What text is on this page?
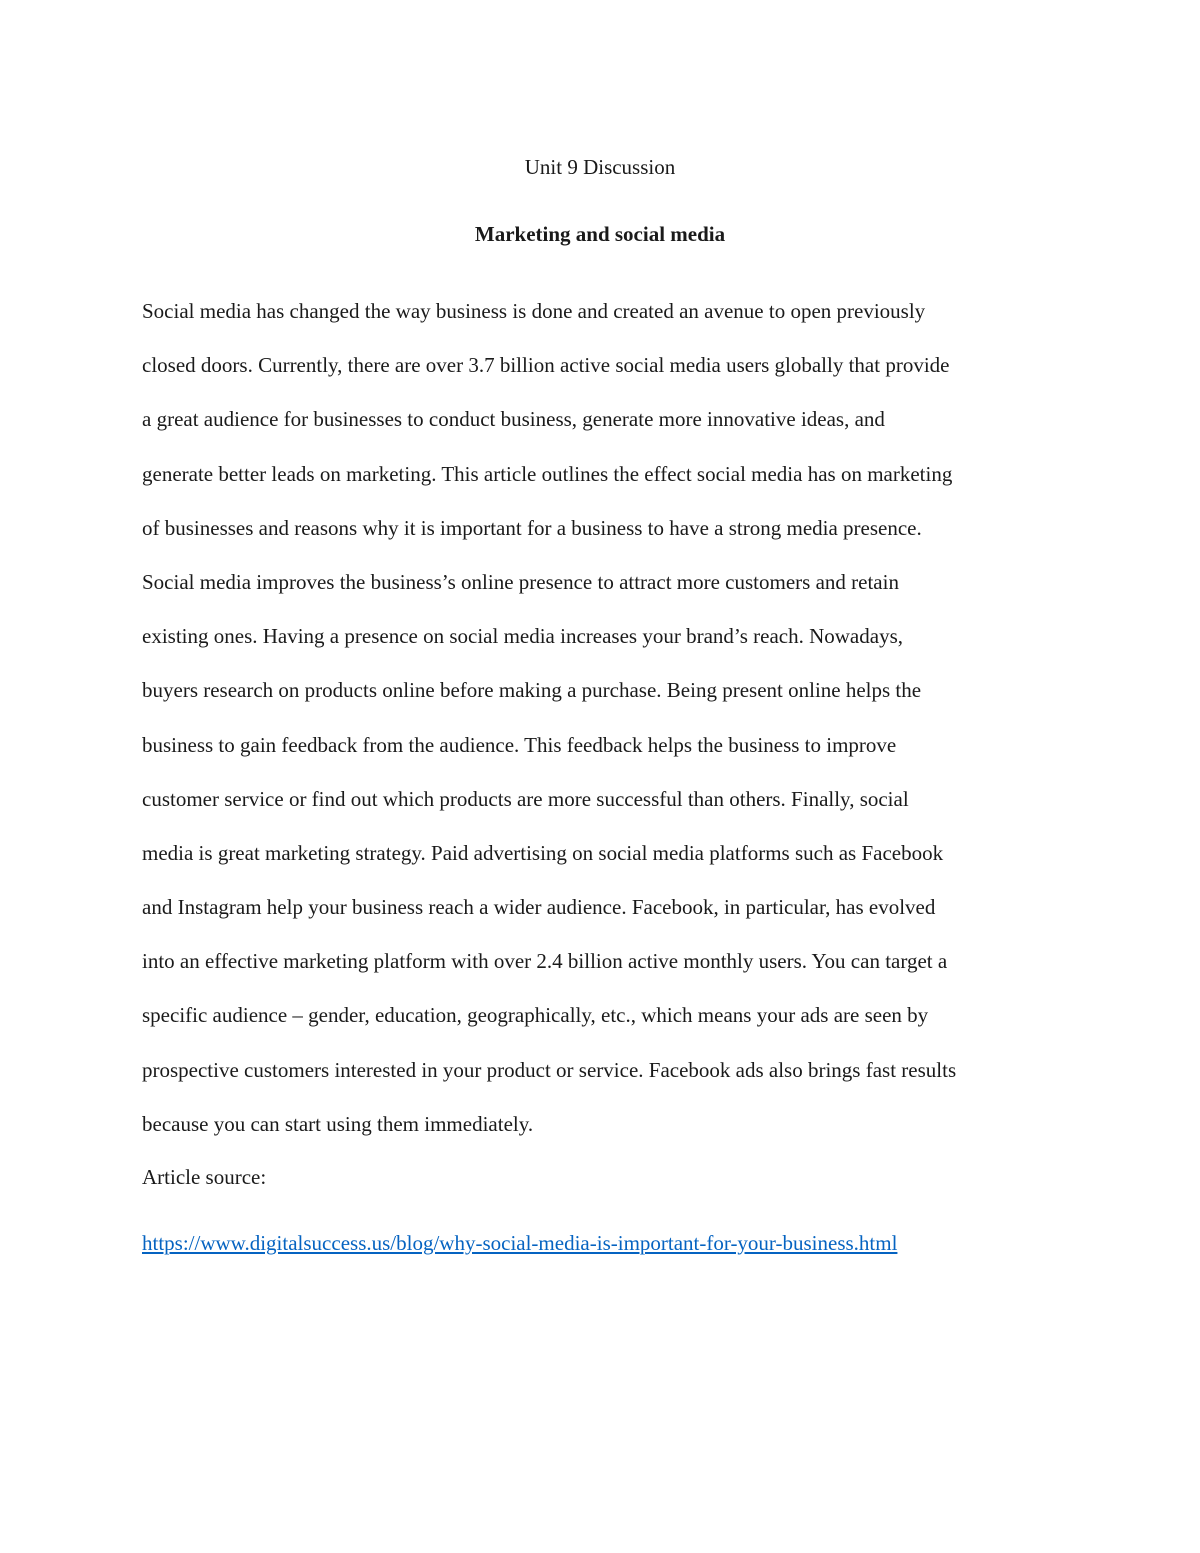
Unit 9 Discussion
Marketing and social media
Social media has changed the way business is done and created an avenue to open previously
closed doors. Currently, there are over 3.7 billion active social media users globally that provide
a great audience for businesses to conduct business, generate more innovative ideas, and
generate better leads on marketing. This article outlines the effect social media has on marketing
of businesses and reasons why it is important for a business to have a strong media presence.
Social media improves the business’s online presence to attract more customers and retain
existing ones. Having a presence on social media increases your brand’s reach. Nowadays,
buyers research on products online before making a purchase. Being present online helps the
business to gain feedback from the audience. This feedback helps the business to improve
customer service or find out which products are more successful than others. Finally, social
media is great marketing strategy. Paid advertising on social media platforms such as Facebook
and Instagram help your business reach a wider audience. Facebook, in particular, has evolved
into an effective marketing platform with over 2.4 billion active monthly users. You can target a
specific audience – gender, education, geographically, etc., which means your ads are seen by
prospective customers interested in your product or service. Facebook ads also brings fast results
because you can start using them immediately.
Article source:
https://www.digitalsuccess.us/blog/why-social-media-is-important-for-your-business.html
